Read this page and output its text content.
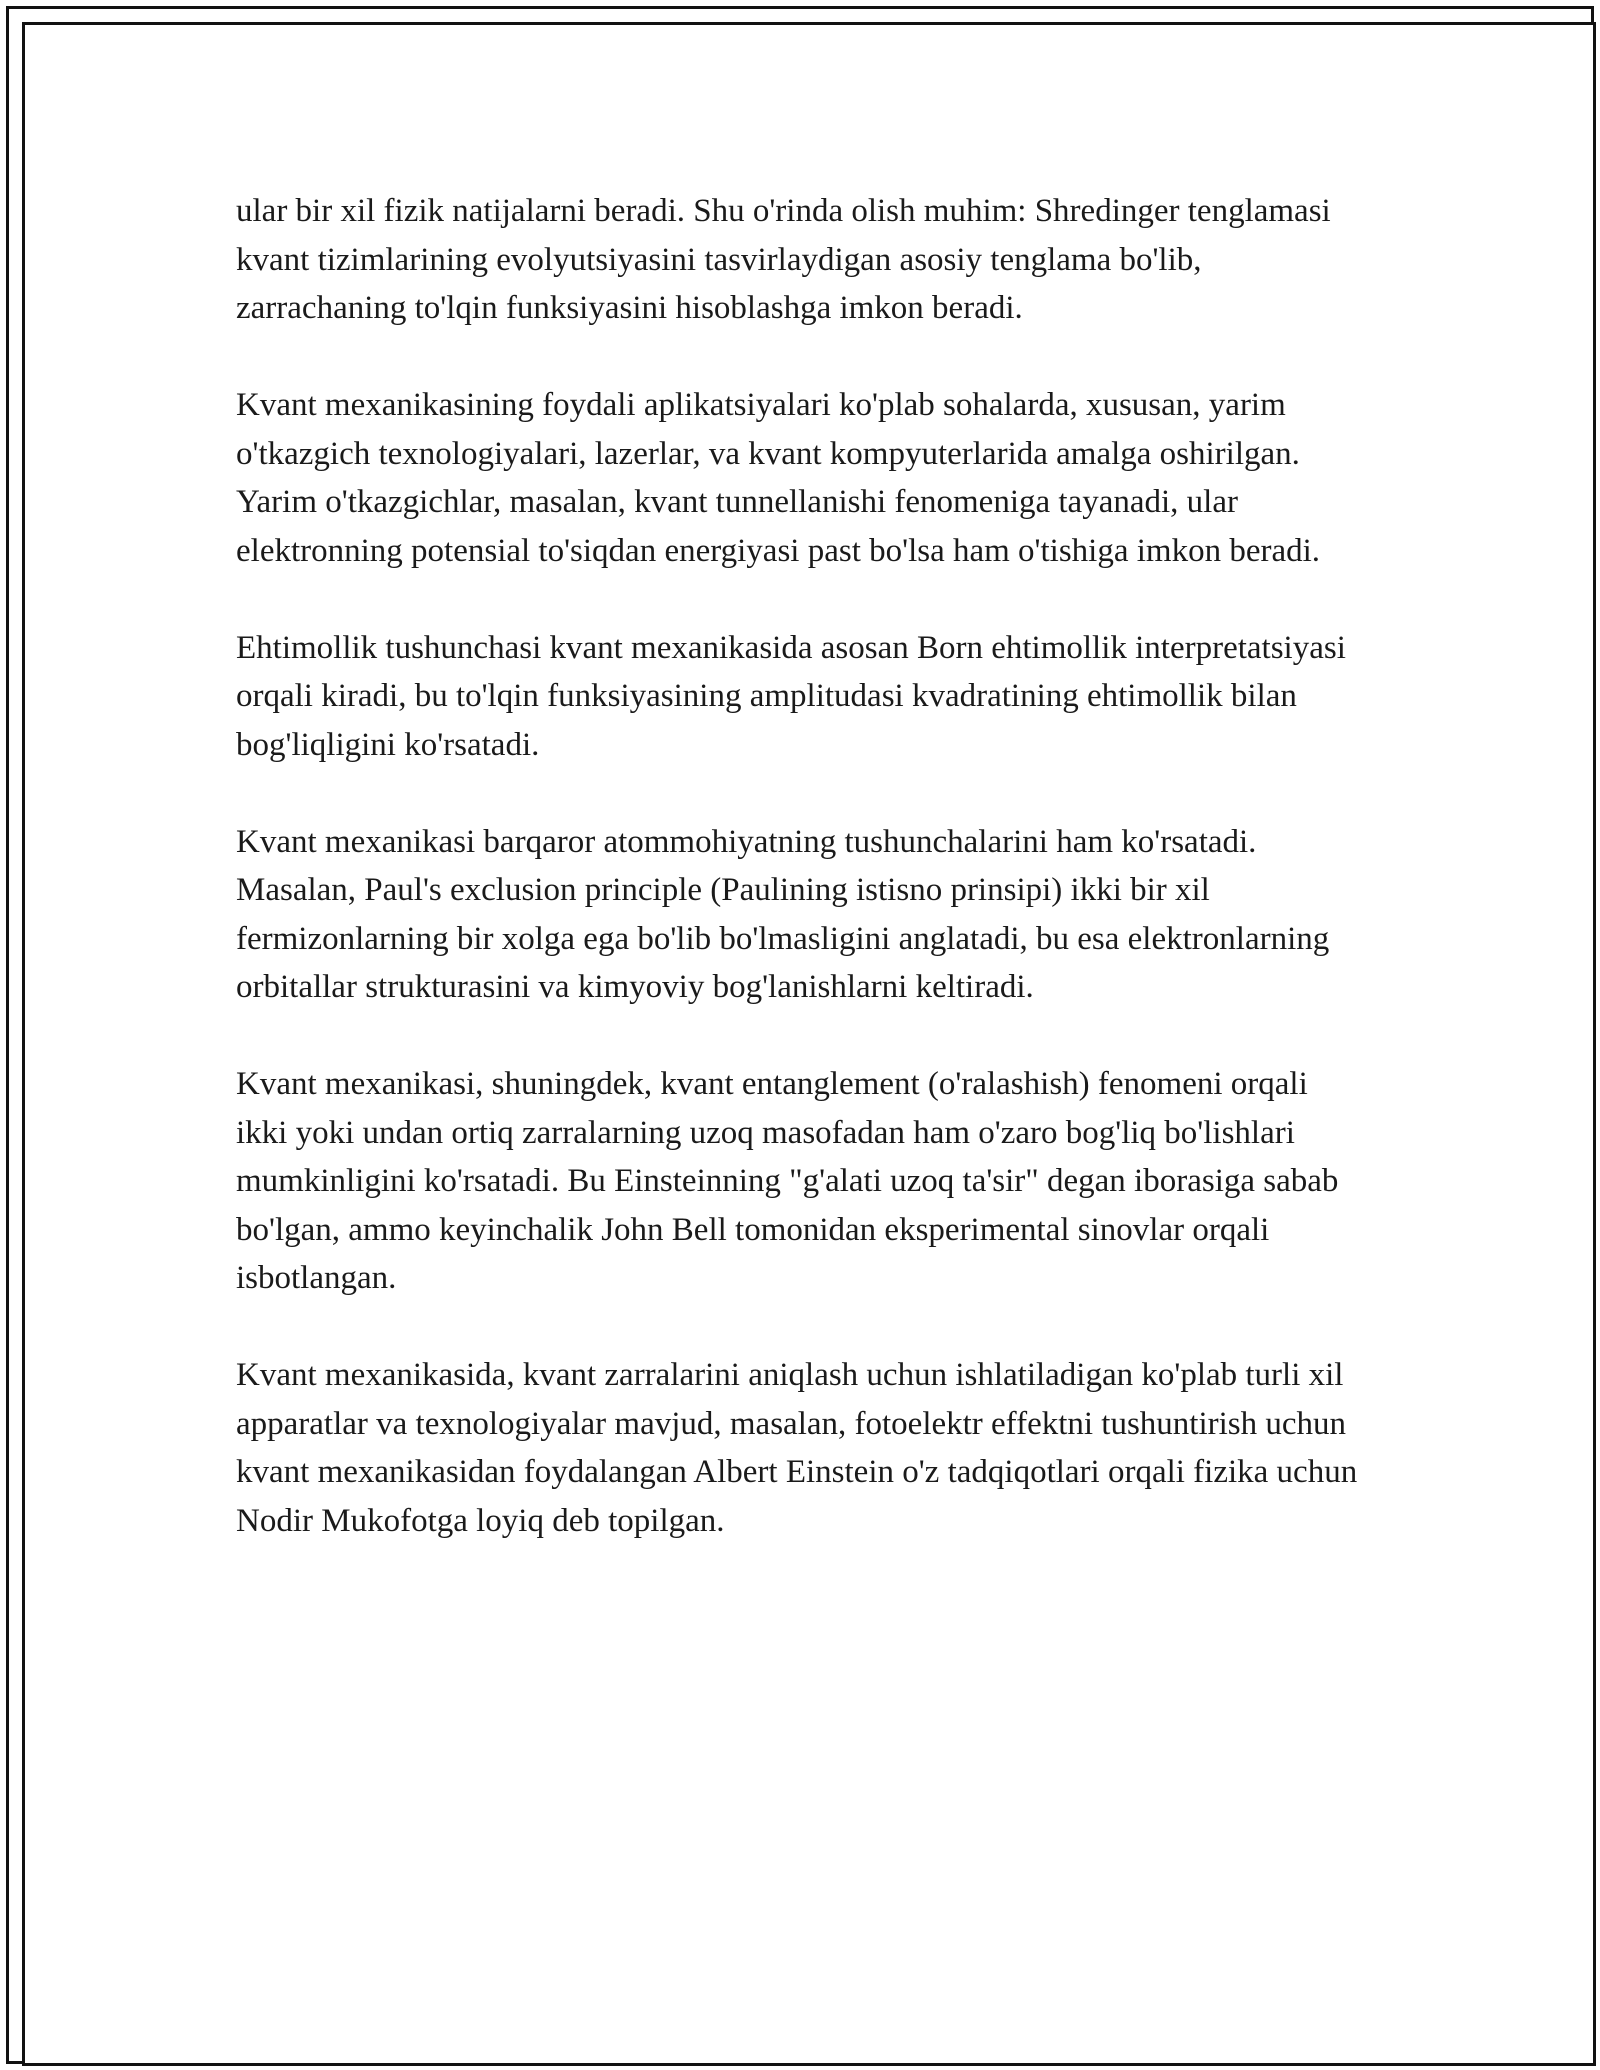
ular bir xil fizik natijalarni beradi. Shu o'rinda olish muhim: Shredinger tenglamasi kvant tizimlarining evolyutsiyasini tasvirlaydigan asosiy tenglama bo'lib, zarrachaning to'lqin funksiyasini hisoblashga imkon beradi.

Kvant mexanikasining foydali aplikatsiyalari ko'plab sohalarda, xususan, yarim o'tkazgich texnologiyalari, lazerlar, va kvant kompyuterlarida amalga oshirilgan. Yarim o'tkazgichlar, masalan, kvant tunnellanishi fenomeniga tayanadi, ular elektronning potensial to'siqdan energiyasi past bo'lsa ham o'tishiga imkon beradi.

Ehtimollik tushunchasi kvant mexanikasida asosan Born ehtimollik interpretatsiyasi orqali kiradi, bu to'lqin funksiyasining amplitudasi kvadratining ehtimollik bilan bog'liqligini ko'rsatadi.

Kvant mexanikasi barqaror atommohiyatning tushunchalarini ham ko'rsatadi. Masalan, Paul's exclusion principle (Paulining istisno prinsipi) ikki bir xil fermizonlarning bir xolga ega bo'lib bo'lmasligini anglatadi, bu esa elektronlarning orbitallar strukturasini va kimyoviy bog'lanishlarni keltiradi.

Kvant mexanikasi, shuningdek, kvant entanglement (o'ralashish) fenomeni orqali ikki yoki undan ortiq zarralarning uzoq masofadan ham o'zaro bog'liq bo'lishlari mumkinligini ko'rsatadi. Bu Einsteinning "g'alati uzoq ta'sir" degan iborasiga sabab bo'lgan, ammo keyinchalik John Bell tomonidan eksperimental sinovlar orqali isbotlangan.

Kvant mexanikasida, kvant zarralarini aniqlash uchun ishlatiladigan ko'plab turli xil apparatlar va texnologiyalar mavjud, masalan, fotoelektr effektni tushuntirish uchun kvant mexanikasidan foydalangan Albert Einstein o'z tadqiqotlari orqali fizika uchun Nodir Mukofotga loyiq deb topilgan.
